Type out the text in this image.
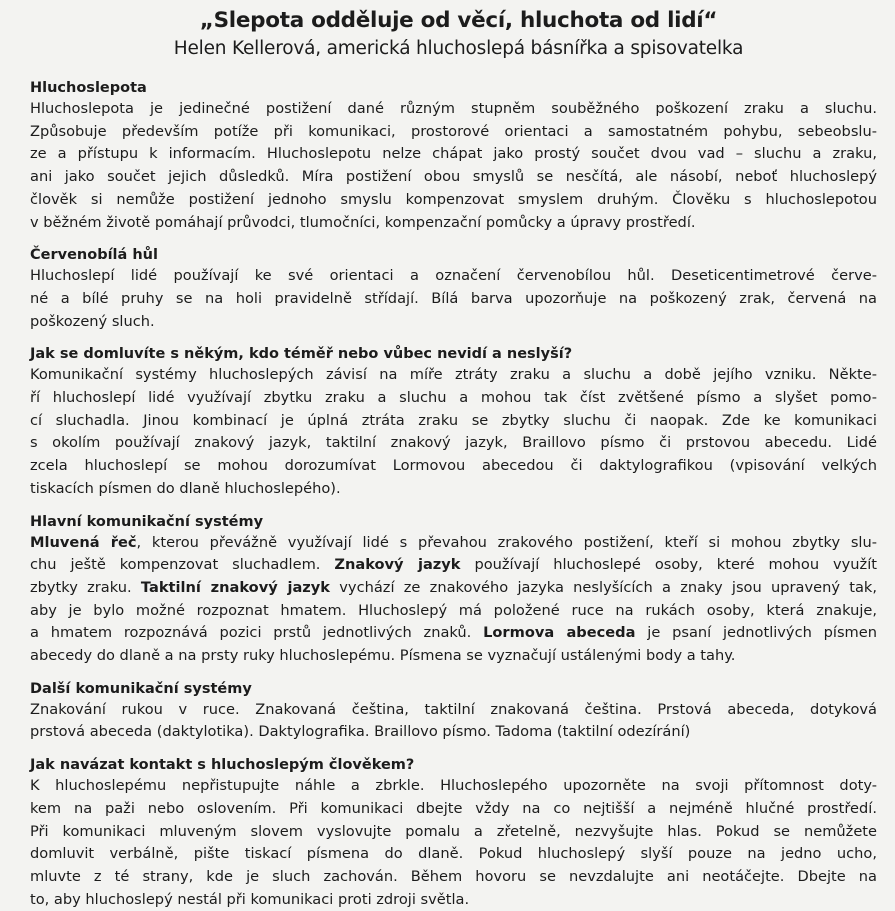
„Slepota odděluje od věcí, hluchota od lidí“
Helen Kellerová, americká hluchoslepá básnířka a spisovatelka
Hluchoslepota
Hluchoslepota je jedinečné postižení dané různým stupněm souběžného poškození zraku a sluchu.
Způsobuje především potíže při komunikaci, prostorové orientaci a samostatném pohybu, sebeobslu-
ze a přístupu k informacím. Hluchoslepotu nelze chápat jako prostý součet dvou vad – sluchu a zraku,
ani jako součet jejich důsledků. Míra postižení obou smyslů se nesčítá, ale násobí, neboť hluchoslepý
člověk si nemůže postižení jednoho smyslu kompenzovat smyslem druhým. Člověku s hluchoslepotou
v běžném životě pomáhají průvodci, tlumočníci, kompenzační pomůcky a úpravy prostředí.
Červenobílá hůl
Hluchoslepí lidé používají ke své orientaci a označení červenobílou hůl. Deseticentimetrové červe-
né a bílé pruhy se na holi pravidelně střídají. Bílá barva upozorňuje na poškozený zrak, červená na
poškozený sluch.
Jak se domluvíte s někým, kdo téměř nebo vůbec nevidí a neslyší?
Komunikační systémy hluchoslepých závisí na míře ztráty zraku a sluchu a době jejího vzniku. Někte-
ří hluchoslepí lidé využívají zbytku zraku a sluchu a mohou tak číst zvětšené písmo a slyšet pomo-
cí sluchadla. Jinou kombinací je úplná ztráta zraku se zbytky sluchu či naopak. Zde ke komunikaci
s okolím používají znakový jazyk, taktilní znakový jazyk, Braillovo písmo či prstovou abecedu. Lidé
zcela hluchoslepí se mohou dorozumívat Lormovou abecedou či daktylografikou (vpisování velkých
tiskacích písmen do dlaně hluchoslepého).
Hlavní komunikační systémy
Mluvená řeč, kterou převážně využívají lidé s převahou zrakového postižení, kteří si mohou zbytky slu-
chu ještě kompenzovat sluchadlem. Znakový jazyk používají hluchoslepé osoby, které mohou využít
zbytky zraku. Taktilní znakový jazyk vychází ze znakového jazyka neslyšících a znaky jsou upravený tak,
aby je bylo možné rozpoznat hmatem. Hluchoslepý má položené ruce na rukách osoby, která znakuje,
a hmatem rozpoznává pozici prstů jednotlivých znaků. Lormova abeceda je psaní jednotlivých písmen
abecedy do dlaně a na prsty ruky hluchoslepému. Písmena se vyznačují ustálenými body a tahy.
Další komunikační systémy
Znakování rukou v ruce. Znakovaná čeština, taktilní znakovaná čeština. Prstová abeceda, dotyková
prstová abeceda (daktylotika). Daktylografika. Braillovo písmo. Tadoma (taktilní odezírání)
Jak navázat kontakt s hluchoslepým člověkem?
K hluchoslepému nepřistupujte náhle a zbrkle. Hluchoslepého upozorněte na svoji přítomnost doty-
kem na paži nebo oslovením. Při komunikaci dbejte vždy na co nejtišší a nejméně hlučné prostředí.
Při komunikaci mluveným slovem vyslovujte pomalu a zřetelně, nezvyšujte hlas. Pokud se nemůžete
domluvit verbálně, pište tiskací písmena do dlaně. Pokud hluchoslepý slyší pouze na jedno ucho,
mluvte z té strany, kde je sluch zachován. Během hovoru se nevzdalujte ani neotáčejte. Dbejte na
to, aby hluchoslepý nestál při komunikaci proti zdroji světla.
